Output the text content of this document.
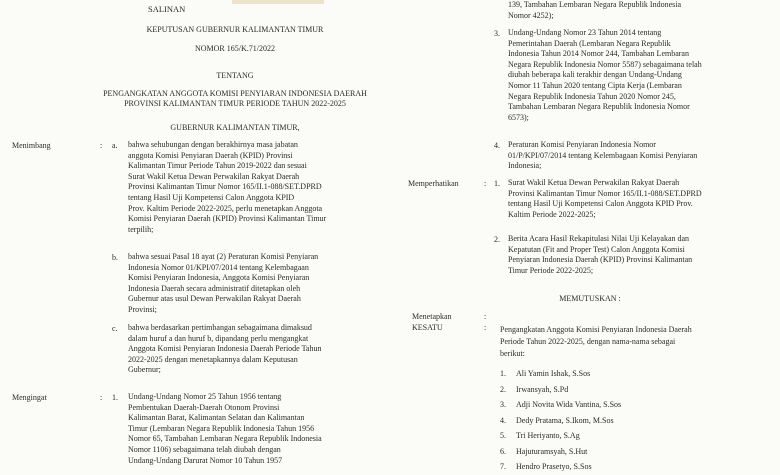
SALINAN
KEPUTUSAN GUBERNUR KALIMANTAN TIMUR
NOMOR 165/K.71/2022
TENTANG
PENGANGKATAN ANGGOTA KOMISI PENYIARAN INDONESIA DAERAH
PROVINSI KALIMANTAN TIMUR PERIODE TAHUN 2022-2025
GUBERNUR KALIMANTAN TIMUR,
Menimbang	: a. bahwa sehubungan dengan berakhirnya masa jabatan
anggota Komisi Penyiaran Daerah (KPID) Provinsi
Kalimantan Timur Periode Tahun 2019-2022 dan sesuai
Surat Wakil Ketua Dewan Perwakilan Rakyat Daerah
Provinsi Kalimantan Timur Nomor 165/II.1-088/SET.DPRD
tentang Hasil Uji Kompetensi Calon Anggota KPID
Prov. Kaltim Periode 2022-2025, perlu menetapkan Anggota
Komisi Penyiaran Daerah (KPID) Provinsi Kalimantan Timur
terpilih;
b. bahwa sesuai Pasal 18 ayat (2) Peraturan Komisi Penyiaran
Indonesia Nomor 01/KPI/07/2014 tentang Kelembagaan
Komisi Penyiaran Indonesia, Anggota Komisi Penyiaran
Indonesia Daerah secara administratif ditetapkan oleh
Gubernur atas usul Dewan Perwakilan Rakyat Daerah
Provinsi;
c. bahwa berdasarkan pertimbangan sebagaimana dimaksud
dalam huruf a dan huruf b, dipandang perlu mengangkat
Anggota Komisi Penyiaran Indonesia Daerah Periode Tahun
2022-2025 dengan menetapkannya dalam Keputusan
Gubernur;
Mengingat	: 1. Undang-Undang Nomor 25 Tahun 1956 tentang
Pembentukan Daerah-Daerah Otonom Provinsi
Kalimantan Barat, Kalimantan Selatan dan Kalimantan
Timur (Lembaran Negara Republik Indonesia Tahun 1956
Nomor 65, Tambahan Lembaran Negara Republik Indonesia
Nomor 1106) sebagaimana telah diubah dengan
Undang-Undang Darurat Nomor 10 Tahun 1957
139, Tambahan Lembaran Negara Republik Indonesia
Nomor 4252);
3. Undang-Undang Nomor 23 Tahun 2014 tentang
Pemerintahan Daerah (Lembaran Negara Republik
Indonesia Tahun 2014 Nomor 244, Tambahan Lembaran
Negara Republik Indonesia Nomor 5587) sebagaimana telah
diubah beberapa kali terakhir dengan Undang-Undang
Nomor 11 Tahun 2020 tentang Cipta Kerja (Lembaran
Negara Republik Indonesia Tahun 2020 Nomor 245,
Tambahan Lembaran Negara Republik Indonesia Nomor
6573);
4. Peraturan Komisi Penyiaran Indonesia Nomor
01/P/KPI/07/2014 tentang Kelembagaan Komisi Penyiaran
Indonesia;
Memperhatikan	: 1. Surat Wakil Ketua Dewan Perwakilan Rakyat Daerah
Provinsi Kalimantan Timur Nomor 165/II.1-088/SET.DPRD
tentang Hasil Uji Kompetensi Calon Anggota KPID Prov.
Kaltim Periode 2022-2025;
2. Berita Acara Hasil Rekapitulasi Nilai Uji Kelayakan dan
Kepatutan (Fit and Proper Test) Calon Anggota Komisi
Penyiaran Indonesia Daerah (KPID) Provinsi Kalimantan
Timur Periode 2022-2025;
MEMUTUSKAN :
Menetapkan	:
KESATU	: Pengangkatan Anggota Komisi Penyiaran Indonesia Daerah
Periode Tahun 2022-2025, dengan nama-nama sebagai
berikut:
1. Ali Yamin Ishak, S.Sos
2. Irwansyah, S.Pd
3. Adji Novita Wida Vantina, S.Sos
4. Dedy Pratama, S.Ikom, M.Sos
5. Tri Heriyanto, S.Ag
6. Hajuturamsyah, S.Hut
7. Hendro Prasetyo, S.Sos
